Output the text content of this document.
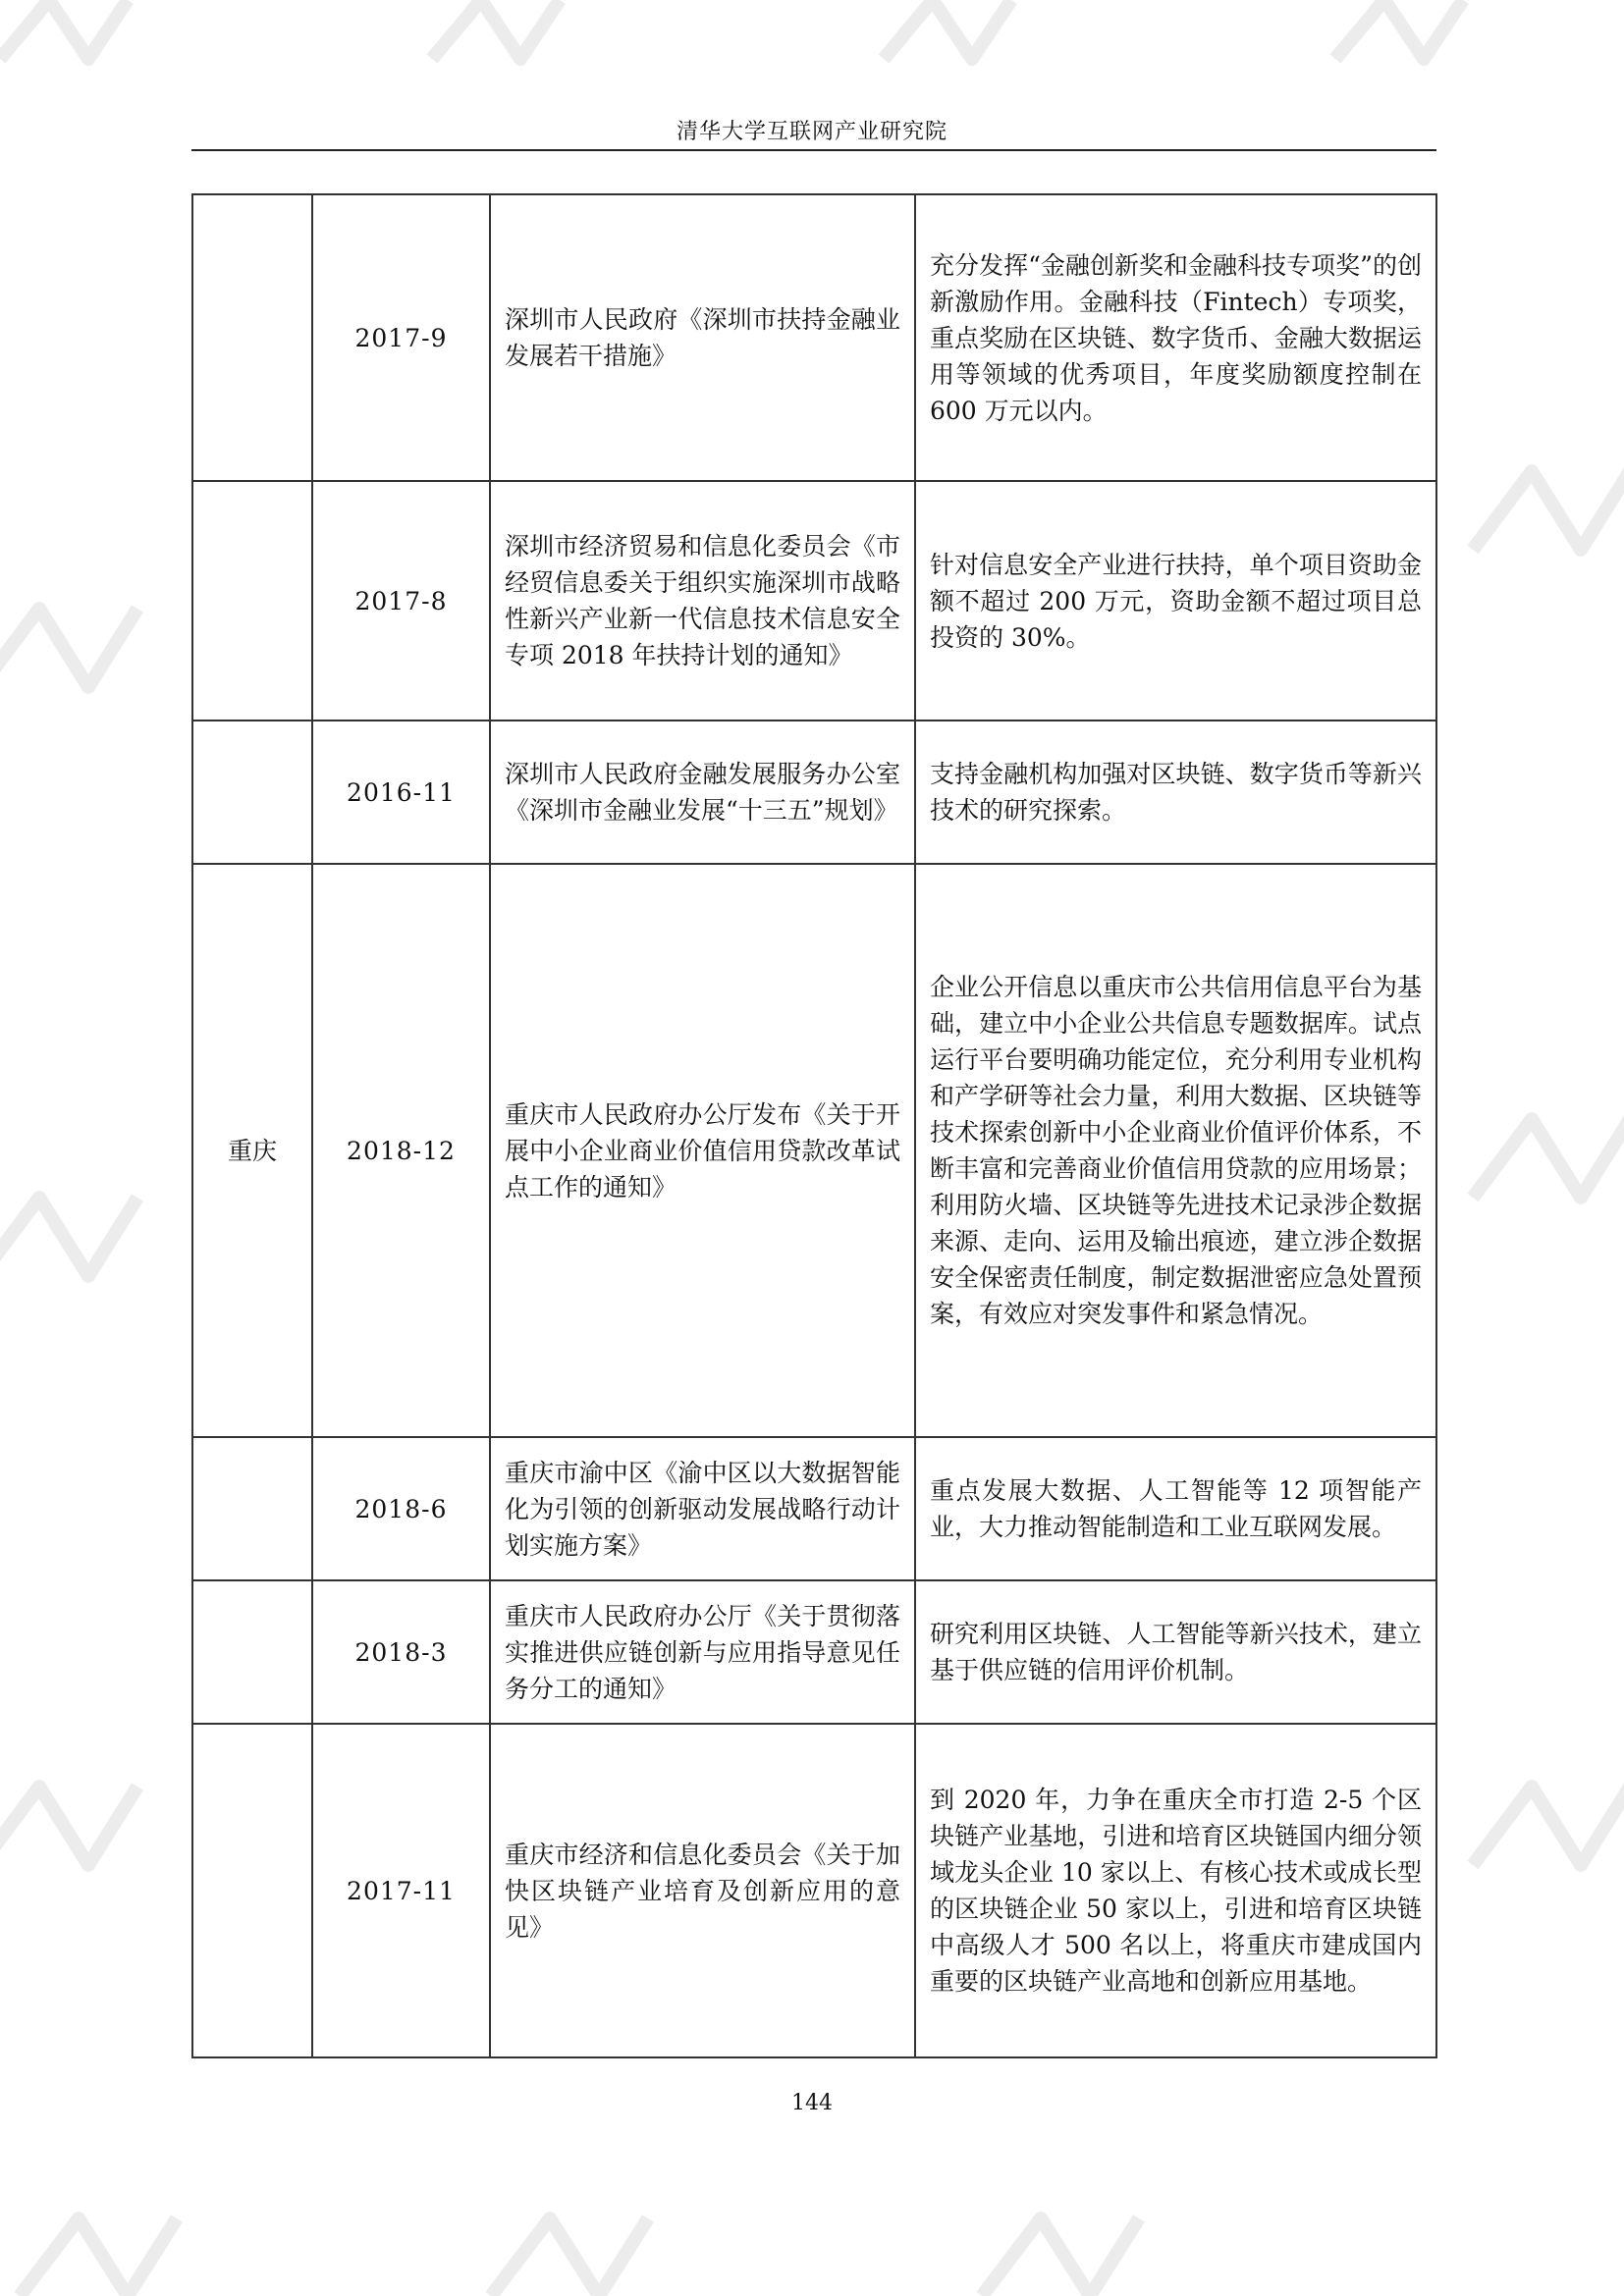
清华大学互联网产业研究院
	2017-9	深圳市人民政府《深圳市扶持金融业发展若干措施》	充分发挥“金融创新奖和金融科技专项奖”的创新激励作用。金融科技（Fintech）专项奖，重点奖励在区块链、数字货币、金融大数据运用等领域的优秀项目，年度奖励额度控制在 600 万元以内。
	2017-8	深圳市经济贸易和信息化委员会《市经贸信息委关于组织实施深圳市战略性新兴产业新一代信息技术信息安全专项 2018 年扶持计划的通知》	针对信息安全产业进行扶持，单个项目资助金额不超过 200 万元，资助金额不超过项目总投资的 30%。
	2016-11	深圳市人民政府金融发展服务办公室《深圳市金融业发展“十三五”规划》	支持金融机构加强对区块链、数字货币等新兴技术的研究探索。
重庆	2018-12	重庆市人民政府办公厅发布《关于开展中小企业商业价值信用贷款改革试点工作的通知》	企业公开信息以重庆市公共信用信息平台为基础，建立中小企业公共信息专题数据库。试点运行平台要明确功能定位，充分利用专业机构和产学研等社会力量，利用大数据、区块链等技术探索创新中小企业商业价值评价体系，不断丰富和完善商业价值信用贷款的应用场景；利用防火墙、区块链等先进技术记录涉企数据来源、走向、运用及输出痕迹，建立涉企数据安全保密责任制度，制定数据泄密应急处置预案，有效应对突发事件和紧急情况。
	2018-6	重庆市渝中区《渝中区以大数据智能化为引领的创新驱动发展战略行动计划实施方案》	重点发展大数据、人工智能等 12 项智能产业，大力推动智能制造和工业互联网发展。
	2018-3	重庆市人民政府办公厅《关于贯彻落实推进供应链创新与应用指导意见任务分工的通知》	研究利用区块链、人工智能等新兴技术，建立基于供应链的信用评价机制。
	2017-11	重庆市经济和信息化委员会《关于加快区块链产业培育及创新应用的意见》	到 2020 年，力争在重庆全市打造 2-5 个区块链产业基地，引进和培育区块链国内细分领域龙头企业 10 家以上、有核心技术或成长型的区块链企业 50 家以上，引进和培育区块链中高级人才 500 名以上，将重庆市建成国内重要的区块链产业高地和创新应用基地。
144
